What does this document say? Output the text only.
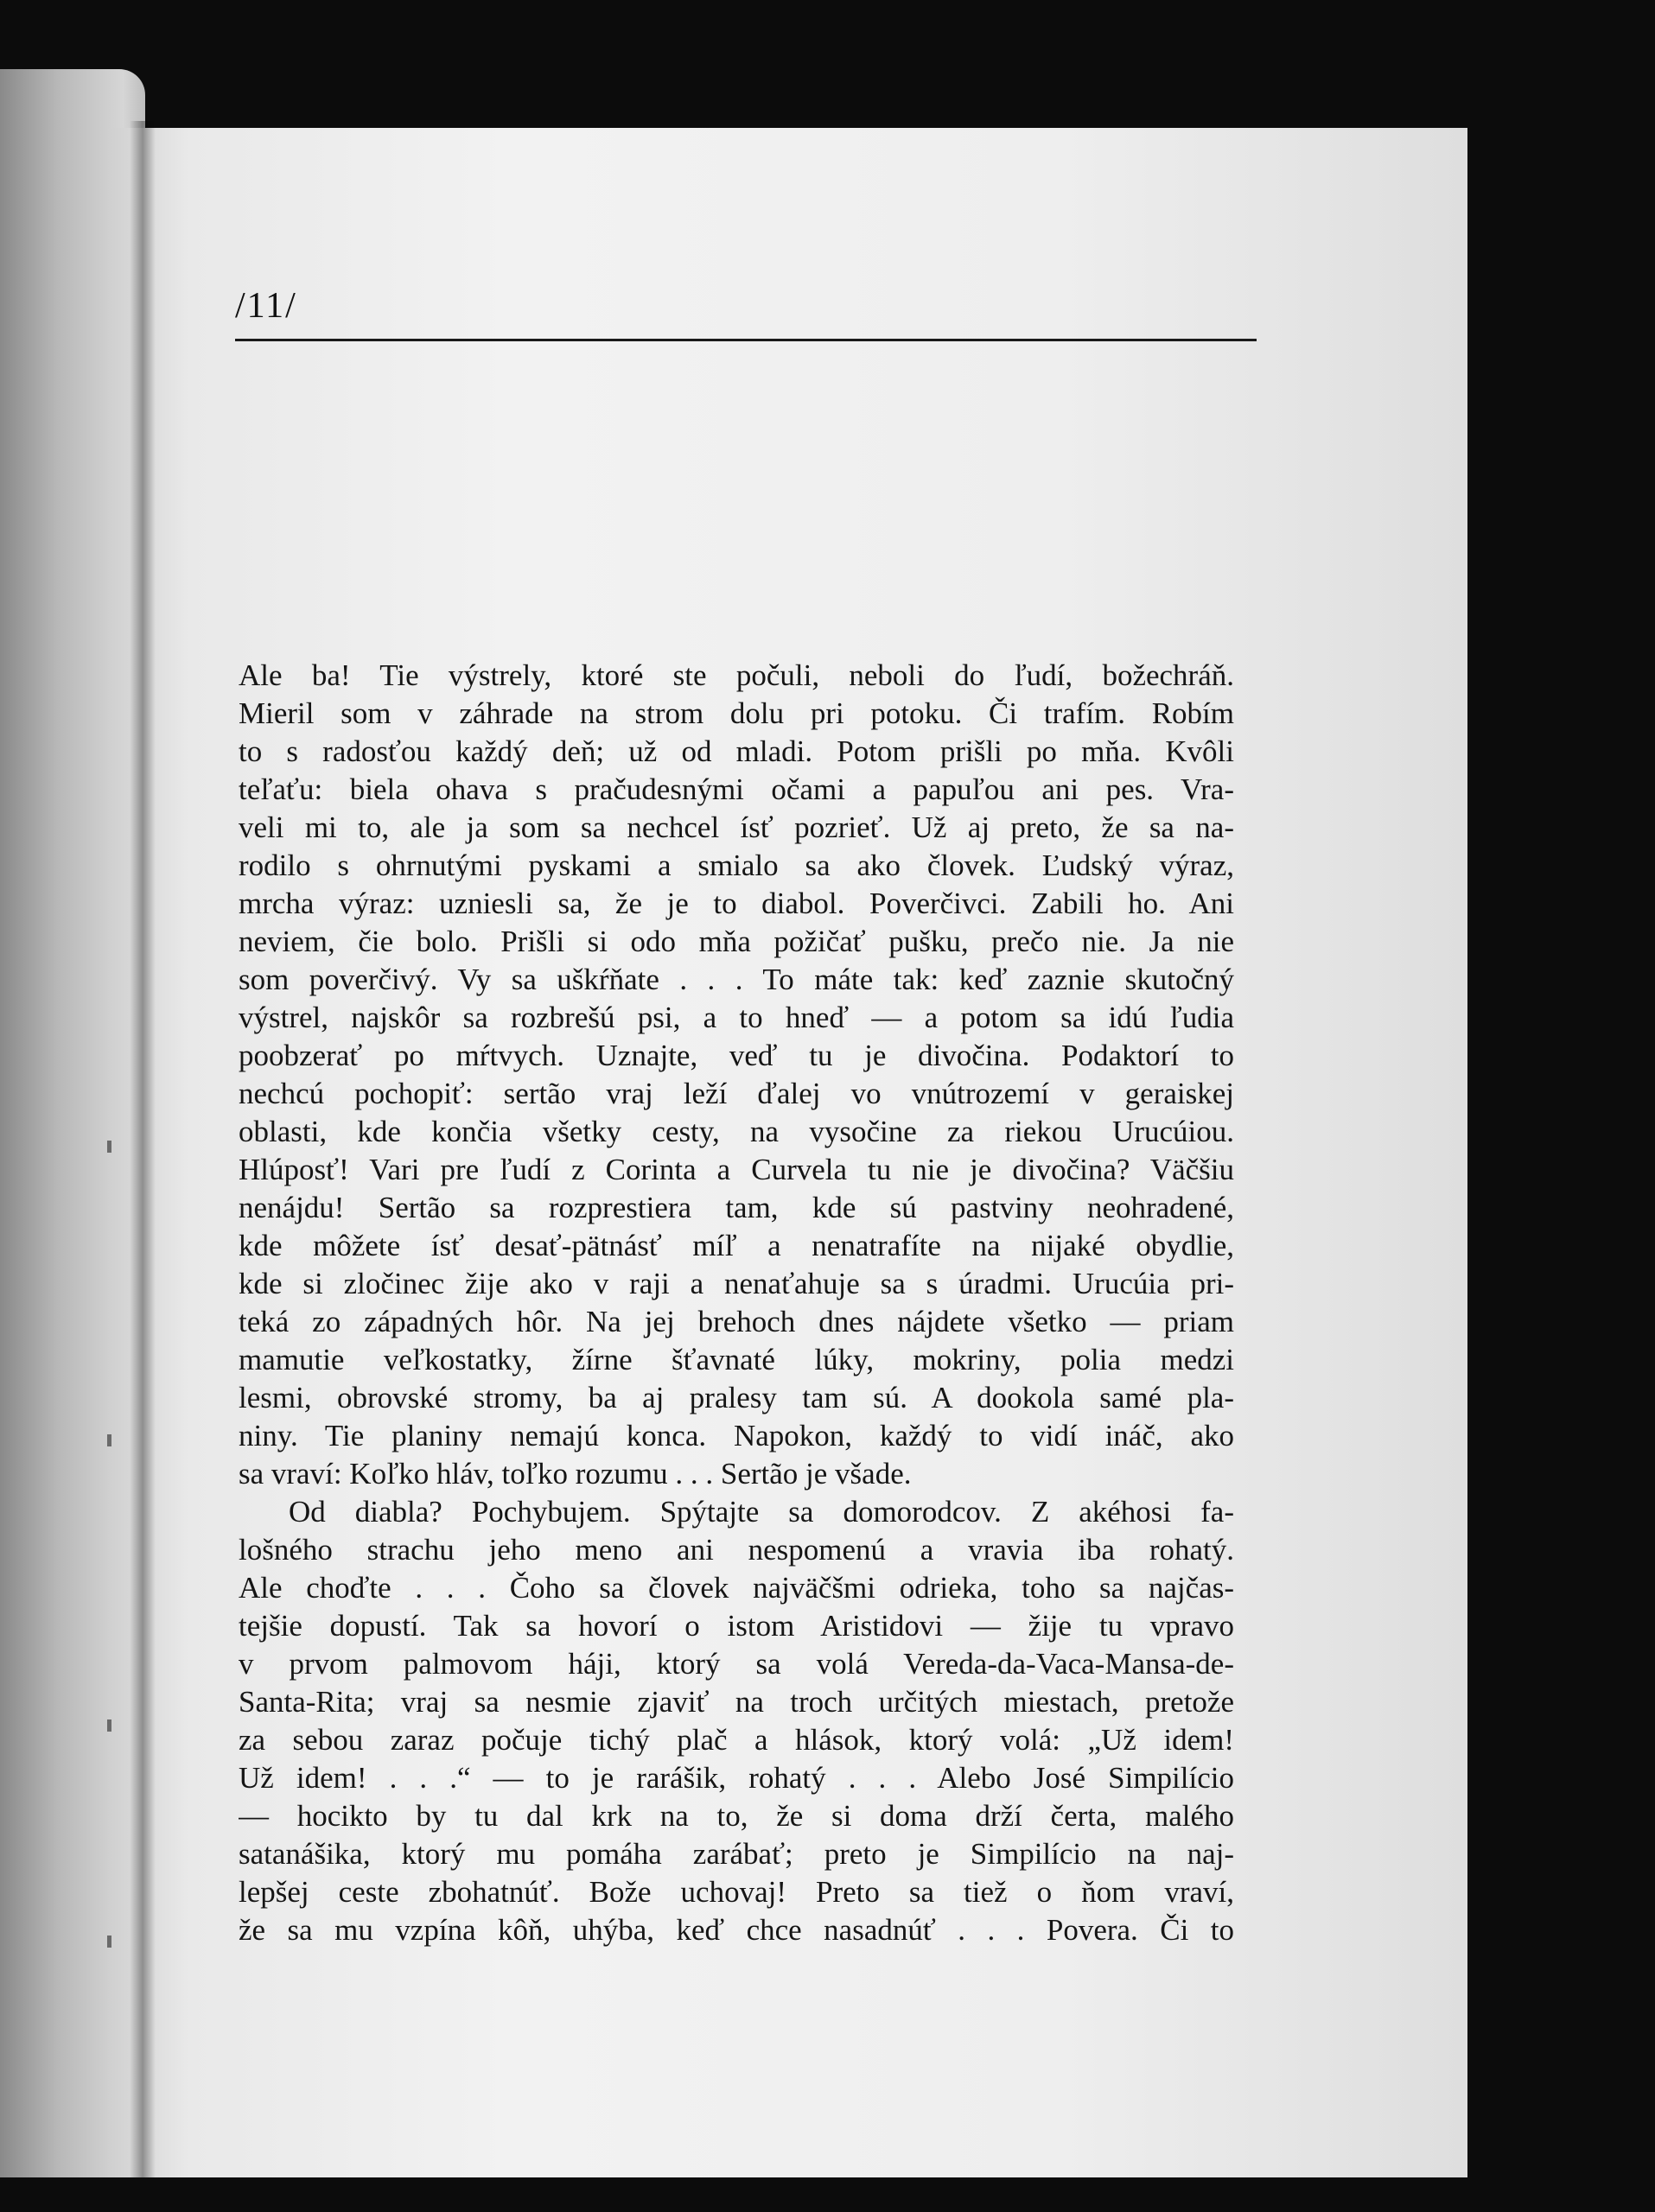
/11/
Ale ba! Tie výstrely, ktoré ste počuli, neboli do ľudí, božechráň.
Mieril som v záhrade na strom dolu pri potoku. Či trafím. Robím
to s radosťou každý deň; už od mladi. Potom prišli po mňa. Kvôli
teľaťu: biela ohava s pračudesnými očami a papuľou ani pes. Vra-
veli mi to, ale ja som sa nechcel ísť pozrieť. Už aj preto, že sa na-
rodilo s ohrnutými pyskami a smialo sa ako človek. Ľudský výraz,
mrcha výraz: uzniesli sa, že je to diabol. Poverčivci. Zabili ho. Ani
neviem, čie bolo. Prišli si odo mňa požičať pušku, prečo nie. Ja nie
som poverčivý. Vy sa uškŕňate . . . To máte tak: keď zaznie skutočný
výstrel, najskôr sa rozbrešú psi, a to hneď — a potom sa idú ľudia
poobzerať po mŕtvych. Uznajte, veď tu je divočina. Podaktorí to
nechcú pochopiť: sertão vraj leží ďalej vo vnútrozemí v geraiskej
oblasti, kde končia všetky cesty, na vysočine za riekou Urucúiou.
Hlúposť! Vari pre ľudí z Corinta a Curvela tu nie je divočina? Väčšiu
nenájdu! Sertão sa rozprestiera tam, kde sú pastviny neohradené,
kde môžete ísť desať-pätnásť míľ a nenatrafíte na nijaké obydlie,
kde si zločinec žije ako v raji a nenaťahuje sa s úradmi. Urucúia pri-
teká zo západných hôr. Na jej brehoch dnes nájdete všetko — priam
mamutie veľkostatky, žírne šťavnaté lúky, mokriny, polia medzi
lesmi, obrovské stromy, ba aj pralesy tam sú. A dookola samé pla-
niny. Tie planiny nemajú konca. Napokon, každý to vidí ináč, ako
sa vraví: Koľko hláv, toľko rozumu . . . Sertão je všade.
Od diabla? Pochybujem. Spýtajte sa domorodcov. Z akéhosi fa-
lošného strachu jeho meno ani nespomenú a vravia iba rohatý.
Ale choďte . . . Čoho sa človek najväčšmi odrieka, toho sa najčas-
tejšie dopustí. Tak sa hovorí o istom Aristidovi — žije tu vpravo
v prvom palmovom háji, ktorý sa volá Vereda-da-Vaca-Mansa-de-
Santa-Rita; vraj sa nesmie zjaviť na troch určitých miestach, pretože
za sebou zaraz počuje tichý plač a hlások, ktorý volá: „Už idem!
Už idem! . . .“ — to je rarášik, rohatý . . . Alebo José Simpilício
— hocikto by tu dal krk na to, že si doma drží čerta, malého
satanášika, ktorý mu pomáha zarábať; preto je Simpilício na naj-
lepšej ceste zbohatnúť. Bože uchovaj! Preto sa tiež o ňom vraví,
že sa mu vzpína kôň, uhýba, keď chce nasadnúť . . . Povera. Či to
